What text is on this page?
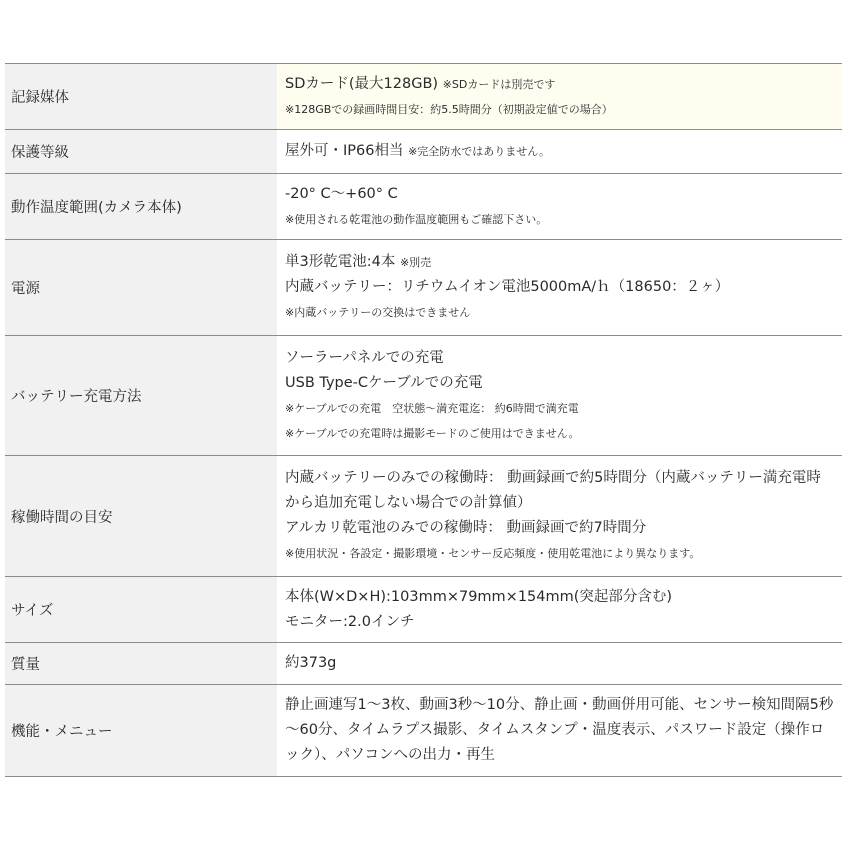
記録媒体	SDカード(最大128GB) ※SDカードは別売です
※128GBでの録画時間目安：約5.5時間分（初期設定値での場合）

保護等級	屋外可・IP66相当 ※完全防水ではありません。

動作温度範囲(カメラ本体)	-20° C～+60° C
※使用される乾電池の動作温度範囲もご確認下さい。

電源	単3形乾電池:4本 ※別売
内蔵バッテリー：リチウムイオン電池5000mA/ｈ（18650：２ヶ）
※内蔵バッテリーの交換はできません

バッテリー充電方法	ソーラーパネルでの充電
USB Type-Cケーブルでの充電
※ケーブルでの充電　空状態～満充電迄： 約6時間で満充電
※ケーブルでの充電時は撮影モードのご使用はできません。

稼働時間の目安	内蔵バッテリーのみでの稼働時： 動画録画で約5時間分（内蔵バッテリー満充電時から追加充電しない場合での計算値）
アルカリ乾電池のみでの稼働時： 動画録画で約7時間分
※使用状況・各設定・撮影環境・センサー反応頻度・使用乾電池により異なります。

サイズ	本体(W×D×H):103mm×79mm×154mm(突起部分含む)
モニター:2.0インチ

質量	約373g

機能・メニュー	静止画連写1～3枚、動画3秒～10分、静止画・動画併用可能、センサー検知間隔5秒～60分、タイムラプス撮影、タイムスタンプ・温度表示、パスワード設定（操作ロック）、パソコンへの出力・再生
